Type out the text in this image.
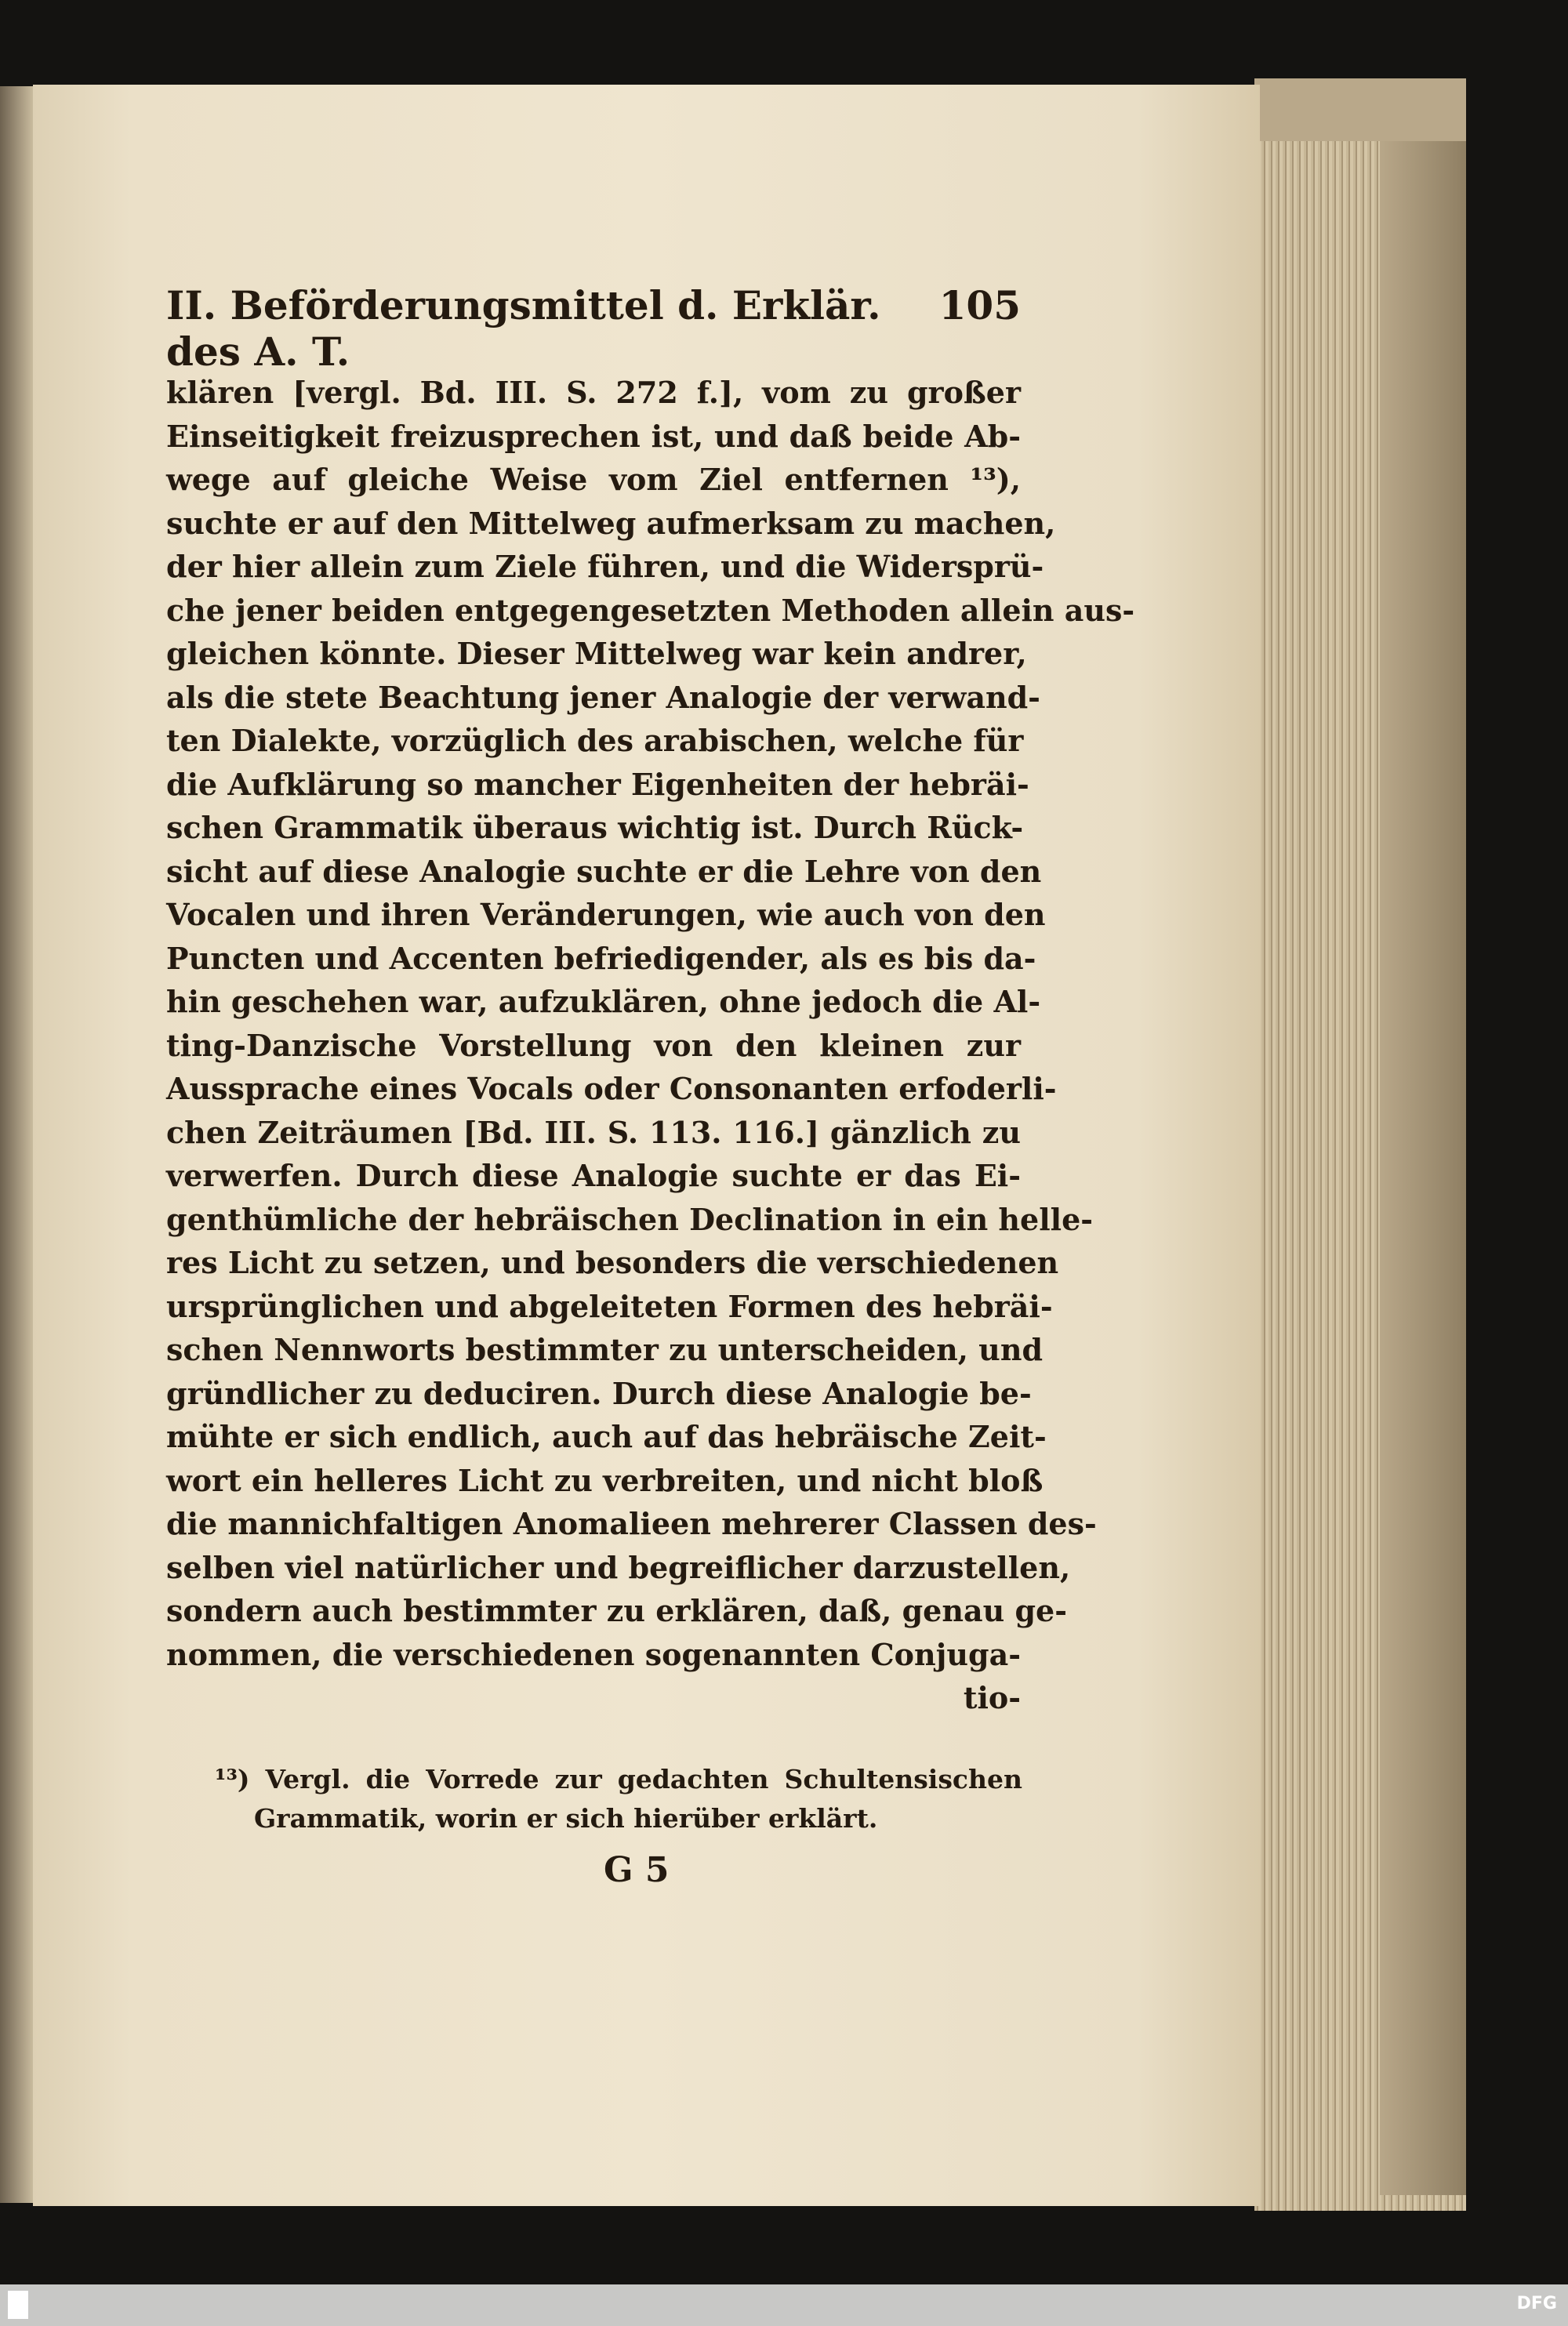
II. Beförderungsmittel d. Erklär. des A. T.
105
klären [vergl. Bd. III. S. 272 f.], vom zu großer
Einseitigkeit freizusprechen ist, und daß beide Ab-
wege auf gleiche Weise vom Ziel entfernen ¹³),
suchte er auf den Mittelweg aufmerksam zu machen,
der hier allein zum Ziele führen, und die Widersprü-
che jener beiden entgegengesetzten Methoden allein aus-
gleichen könnte. Dieser Mittelweg war kein andrer,
als die stete Beachtung jener Analogie der verwand-
ten Dialekte, vorzüglich des arabischen, welche für
die Aufklärung so mancher Eigenheiten der hebräi-
schen Grammatik überaus wichtig ist. Durch Rück-
sicht auf diese Analogie suchte er die Lehre von den
Vocalen und ihren Veränderungen, wie auch von den
Puncten und Accenten befriedigender, als es bis da-
hin geschehen war, aufzuklären, ohne jedoch die Al-
ting-Danzische Vorstellung von den kleinen zur
Aussprache eines Vocals oder Consonanten erfoderli-
chen Zeiträumen [Bd. III. S. 113. 116.] gänzlich zu
verwerfen. Durch diese Analogie suchte er das Ei-
genthümliche der hebräischen Declination in ein helle-
res Licht zu setzen, und besonders die verschiedenen
ursprünglichen und abgeleiteten Formen des hebräi-
schen Nennworts bestimmter zu unterscheiden, und
gründlicher zu deduciren. Durch diese Analogie be-
mühte er sich endlich, auch auf das hebräische Zeit-
wort ein helleres Licht zu verbreiten, und nicht bloß
die mannichfaltigen Anomalieen mehrerer Classen des-
selben viel natürlicher und begreiflicher darzustellen,
sondern auch bestimmter zu erklären, daß, genau ge-
nommen, die verschiedenen sogenannten Conjuga-
tio-
¹³) Vergl. die Vorrede zur gedachten Schultensischen
Grammatik, worin er sich hierüber erklärt.
G 5
DFG
